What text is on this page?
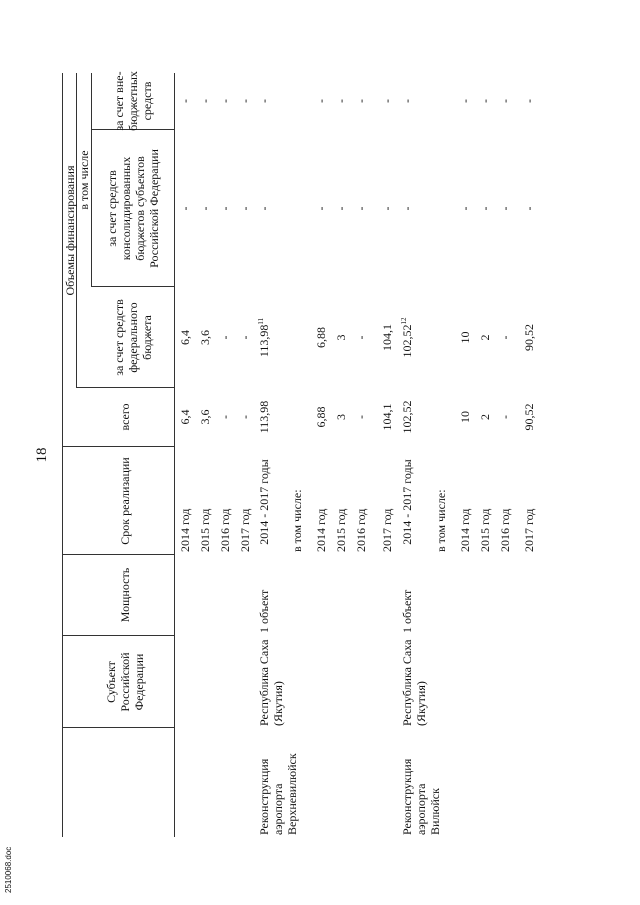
2510068.doc
18
Субъект Российской Федерации
Мощность
Срок реализации
Объемы финансирования
всего
в том числе
за счет средств федерального бюджета
за счет средств консолидированных бюджетов субъектов Российской Федерации
за счет вне-бюджетных средств
Реконструкция аэропорта Верхневилюйск
Республика Саха (Якутия)
1 объект
2014 год 2015 год 2016 год 2017 год 2014 - 2017 годы в том числе:
6,4 3,6 - - 113,98
6,4 3,6 - - 113,98$^{11}$
- - - - -
- - - - -
Реконструкция аэропорта Вилюйск
Республика Саха (Якутия)
1 объект
2014 год 2015 год 2016 год 2017 год 2014 - 2017 годы в том числе:
6,88 3 - 104,1 102,52
6,88 3 - 104,1 102,52$^{12}$
- - - - -
- - - - -
2014 год 2015 год 2016 год 2017 год
10 2 - 90,52
10 2 - 90,52
- - - -
- - - -
